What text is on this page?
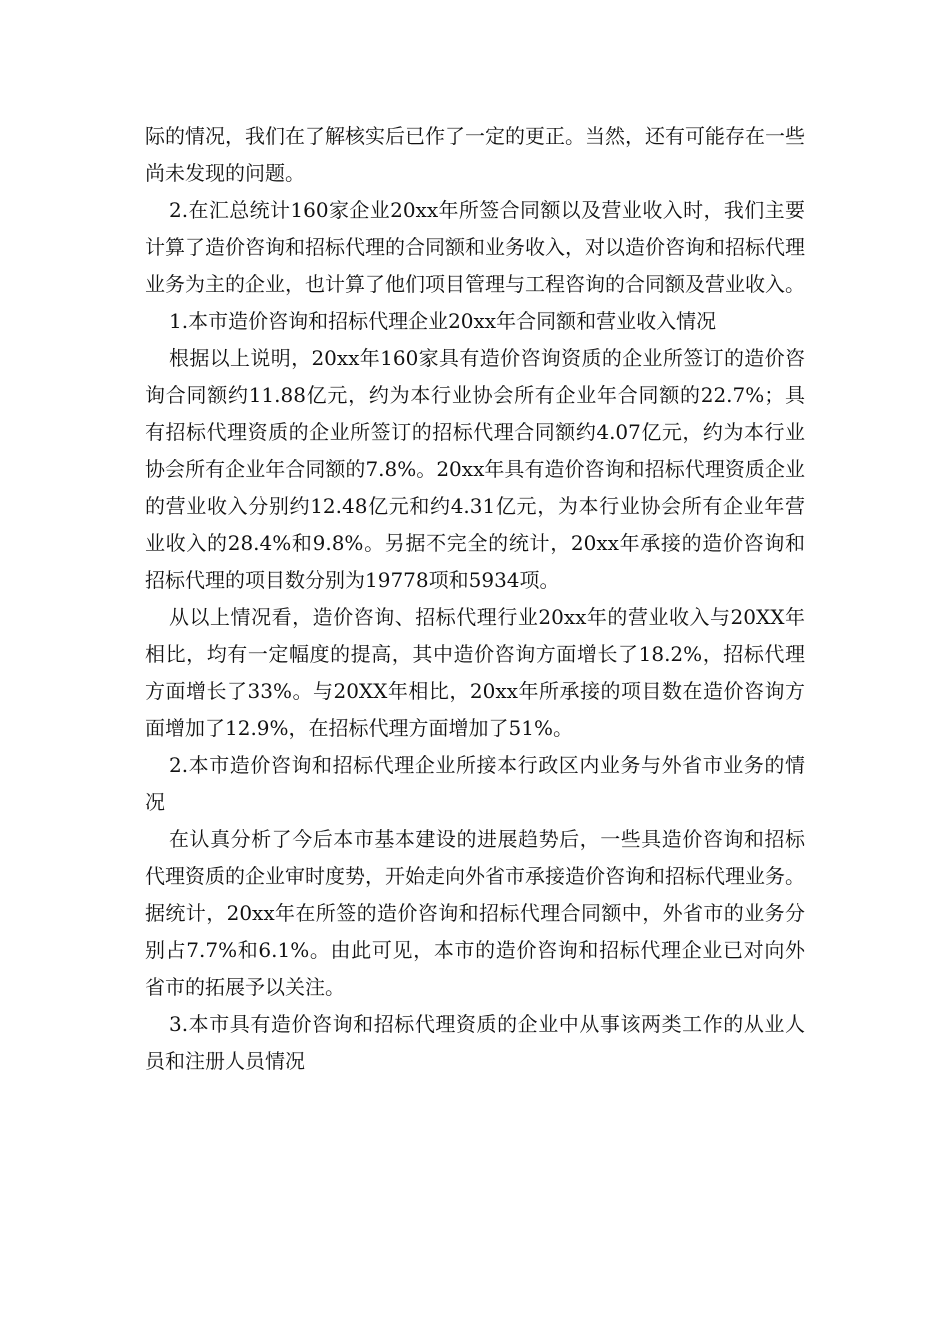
际的情况，我们在了解核实后已作了一定的更正。当然，还有可能存在一些尚未发现的问题。

2.在汇总统计160家企业20xx年所签合同额以及营业收入时，我们主要计算了造价咨询和招标代理的合同额和业务收入，对以造价咨询和招标代理业务为主的企业，也计算了他们项目管理与工程咨询的合同额及营业收入。

1.本市造价咨询和招标代理企业20xx年合同额和营业收入情况

根据以上说明，20xx年160家具有造价咨询资质的企业所签订的造价咨询合同额约11.88亿元，约为本行业协会所有企业年合同额的22.7%；具有招标代理资质的企业所签订的招标代理合同额约4.07亿元，约为本行业协会所有企业年合同额的7.8%。20xx年具有造价咨询和招标代理资质企业的营业收入分别约12.48亿元和约4.31亿元，为本行业协会所有企业年营业收入的28.4%和9.8%。另据不完全的统计，20xx年承接的造价咨询和招标代理的项目数分别为19778项和5934项。

从以上情况看，造价咨询、招标代理行业20xx年的营业收入与20XX年相比，均有一定幅度的提高，其中造价咨询方面增长了18.2%，招标代理方面增长了33%。与20XX年相比，20xx年所承接的项目数在造价咨询方面增加了12.9%，在招标代理方面增加了51%。

2.本市造价咨询和招标代理企业所接本行政区内业务与外省市业务的情况

在认真分析了今后本市基本建设的进展趋势后，一些具造价咨询和招标代理资质的企业审时度势，开始走向外省市承接造价咨询和招标代理业务。据统计，20xx年在所签的造价咨询和招标代理合同额中，外省市的业务分别占7.7%和6.1%。由此可见，本市的造价咨询和招标代理企业已对向外省市的拓展予以关注。

3.本市具有造价咨询和招标代理资质的企业中从事该两类工作的从业人员和注册人员情况
